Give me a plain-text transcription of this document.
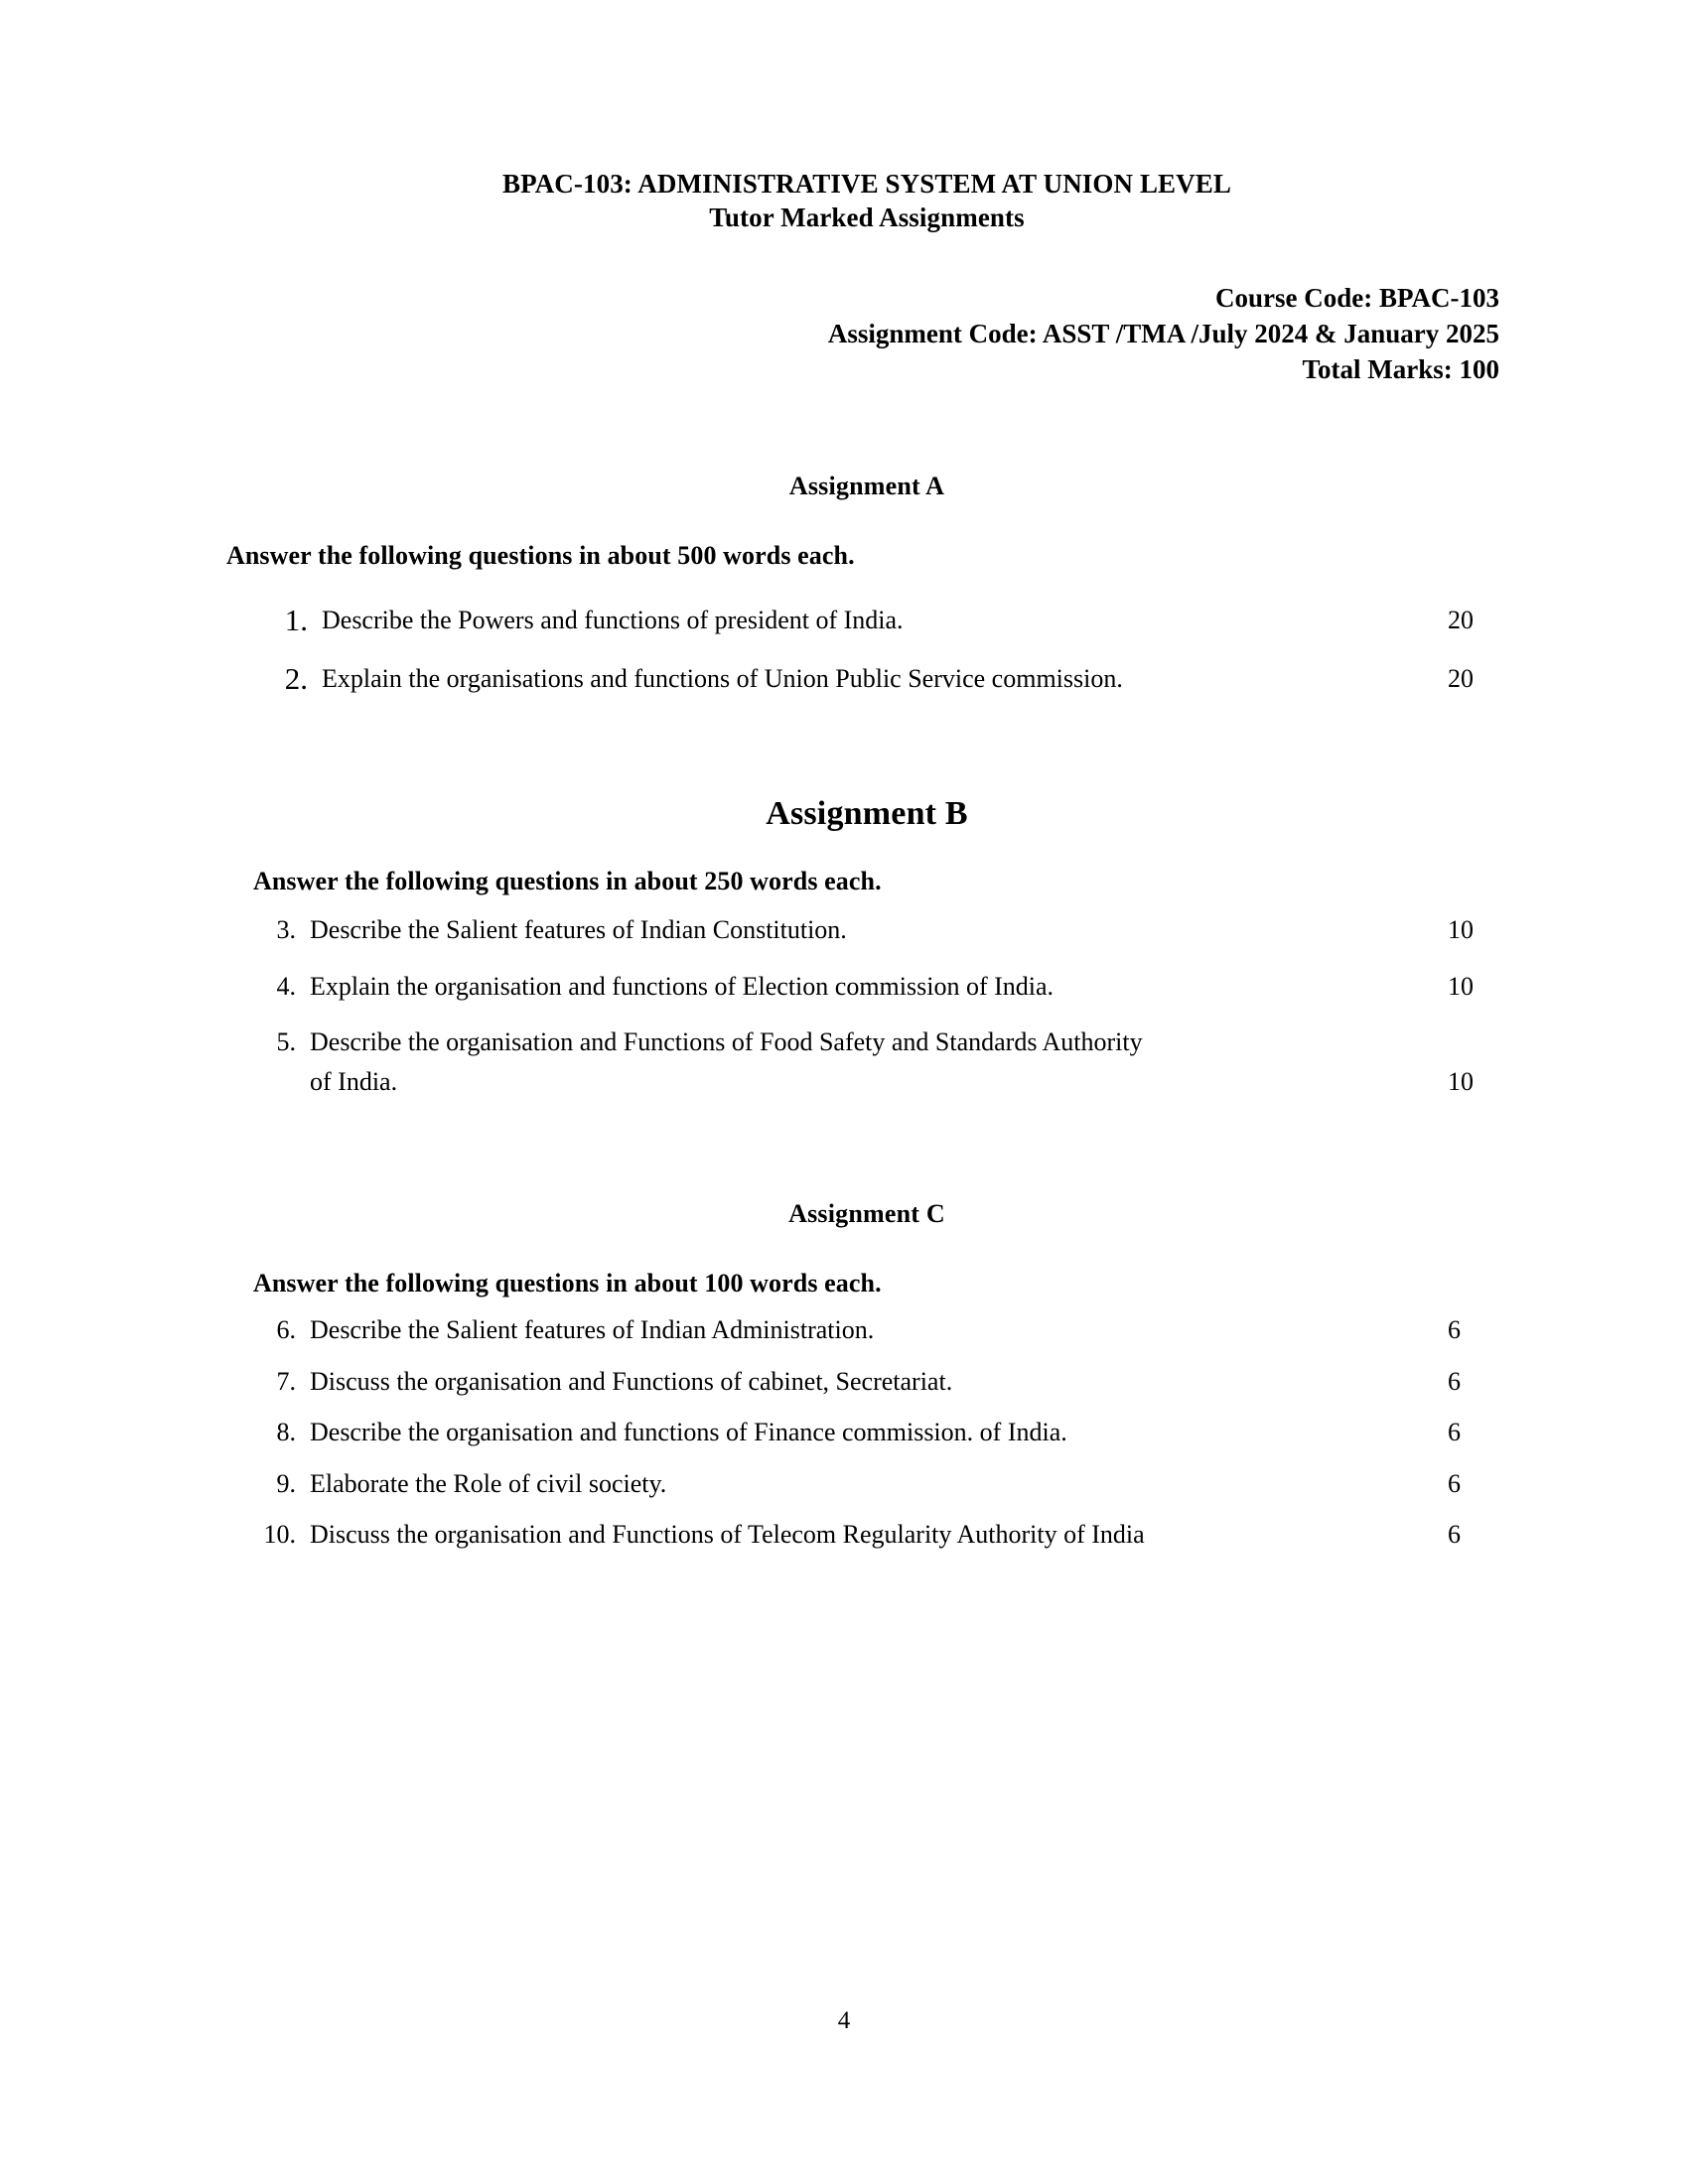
BPAC-103: ADMINISTRATIVE SYSTEM AT UNION LEVEL
Tutor Marked Assignments
Course Code: BPAC-103
Assignment Code: ASST /TMA /July 2024 & January 2025
Total Marks: 100
Assignment A
Answer the following questions in about 500 words each.
1. Describe the Powers and functions of president of India.	20
2. Explain the organisations and functions of Union Public Service commission.	20
Assignment B
Answer the following questions in about 250 words each.
3. Describe the Salient features of Indian Constitution.	10
4. Explain the organisation and functions of Election commission of India.	10
5. Describe the organisation and Functions of Food Safety and Standards Authority
of India.	10
Assignment C
Answer the following questions in about 100 words each.
6. Describe the Salient features of Indian Administration.	6
7. Discuss the organisation and Functions of cabinet, Secretariat.	6
8. Describe the organisation and functions of Finance commission. of India.	6
9. Elaborate the Role of civil society.	6
10. Discuss the organisation and Functions of Telecom Regularity Authority of India	6
4
